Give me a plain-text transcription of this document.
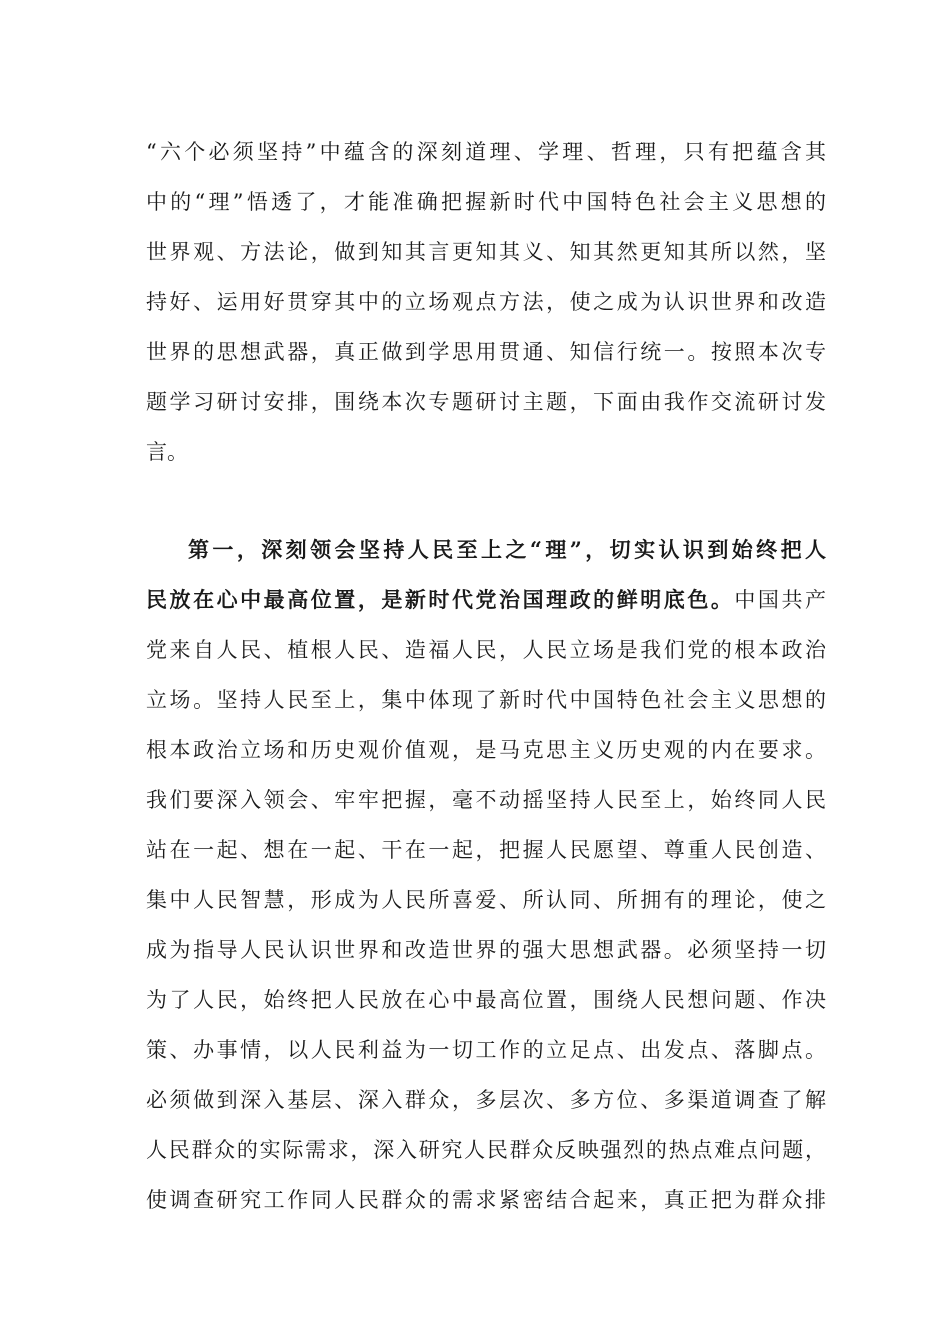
“六个必须坚持”中蕴含的深刻道理、学理、哲理，只有把蕴含其
中的“理”悟透了，才能准确把握新时代中国特色社会主义思想的
世界观、方法论，做到知其言更知其义、知其然更知其所以然，坚
持好、运用好贯穿其中的立场观点方法，使之成为认识世界和改造
世界的思想武器，真正做到学思用贯通、知信行统一。按照本次专
题学习研讨安排，围绕本次专题研讨主题，下面由我作交流研讨发
言。
第一，深刻领会坚持人民至上之“理”，切实认识到始终把人
民放在心中最高位置，是新时代党治国理政的鲜明底色。中国共产
党来自人民、植根人民、造福人民，人民立场是我们党的根本政治
立场。坚持人民至上，集中体现了新时代中国特色社会主义思想的
根本政治立场和历史观价值观，是马克思主义历史观的内在要求。
我们要深入领会、牢牢把握，毫不动摇坚持人民至上，始终同人民
站在一起、想在一起、干在一起，把握人民愿望、尊重人民创造、
集中人民智慧，形成为人民所喜爱、所认同、所拥有的理论，使之
成为指导人民认识世界和改造世界的强大思想武器。必须坚持一切
为了人民，始终把人民放在心中最高位置，围绕人民想问题、作决
策、办事情，以人民利益为一切工作的立足点、出发点、落脚点。
必须做到深入基层、深入群众，多层次、多方位、多渠道调查了解
人民群众的实际需求，深入研究人民群众反映强烈的热点难点问题，
使调查研究工作同人民群众的需求紧密结合起来，真正把为群众排
